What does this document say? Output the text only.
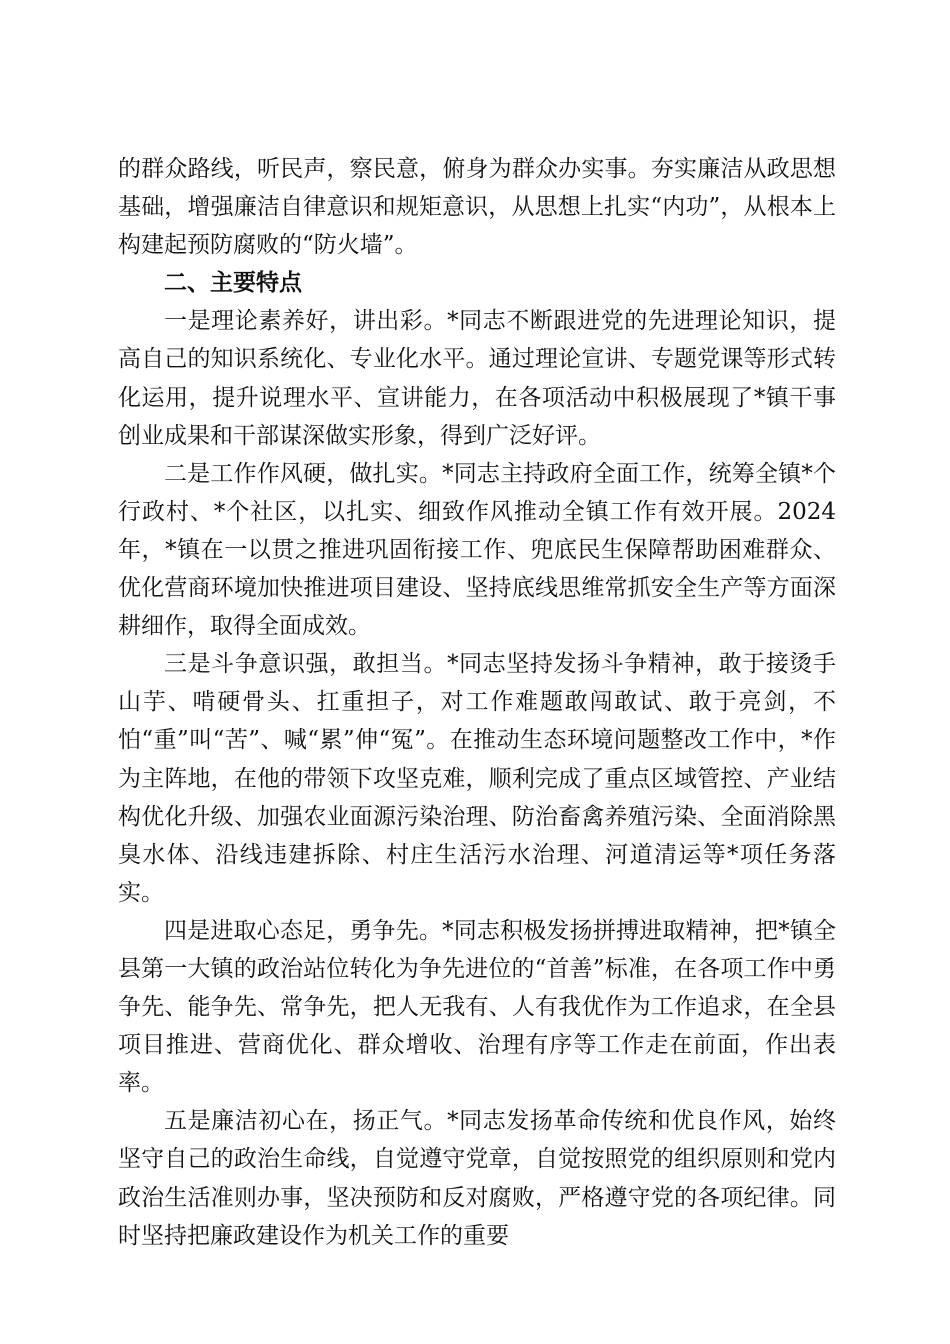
的群众路线，听民声，察民意，俯身为群众办实事。夯实廉洁从政思想基础，增强廉洁自律意识和规矩意识，从思想上扎实“内功”，从根本上构建起预防腐败的“防火墙”。

二、主要特点

一是理论素养好，讲出彩。*同志不断跟进党的先进理论知识，提高自己的知识系统化、专业化水平。通过理论宣讲、专题党课等形式转化运用，提升说理水平、宣讲能力，在各项活动中积极展现了*镇干事创业成果和干部谋深做实形象，得到广泛好评。

二是工作作风硬，做扎实。*同志主持政府全面工作，统筹全镇*个行政村、*个社区，以扎实、细致作风推动全镇工作有效开展。2024年，*镇在一以贯之推进巩固衔接工作、兜底民生保障帮助困难群众、优化营商环境加快推进项目建设、坚持底线思维常抓安全生产等方面深耕细作，取得全面成效。

三是斗争意识强，敢担当。*同志坚持发扬斗争精神，敢于接烫手山芋、啃硬骨头、扛重担子，对工作难题敢闯敢试、敢于亮剑，不怕“重”叫“苦”、喊“累”伸“冤”。在推动生态环境问题整改工作中，*作为主阵地，在他的带领下攻坚克难，顺利完成了重点区域管控、产业结构优化升级、加强农业面源污染治理、防治畜禽养殖污染、全面消除黑臭水体、沿线违建拆除、村庄生活污水治理、河道清运等*项任务落实。

四是进取心态足，勇争先。*同志积极发扬拼搏进取精神，把*镇全县第一大镇的政治站位转化为争先进位的“首善”标准，在各项工作中勇争先、能争先、常争先，把人无我有、人有我优作为工作追求，在全县项目推进、营商优化、群众增收、治理有序等工作走在前面，作出表率。

五是廉洁初心在，扬正气。*同志发扬革命传统和优良作风，始终坚守自己的政治生命线，自觉遵守党章，自觉按照党的组织原则和党内政治生活准则办事，坚决预防和反对腐败，严格遵守党的各项纪律。同时坚持把廉政建设作为机关工作的重要
